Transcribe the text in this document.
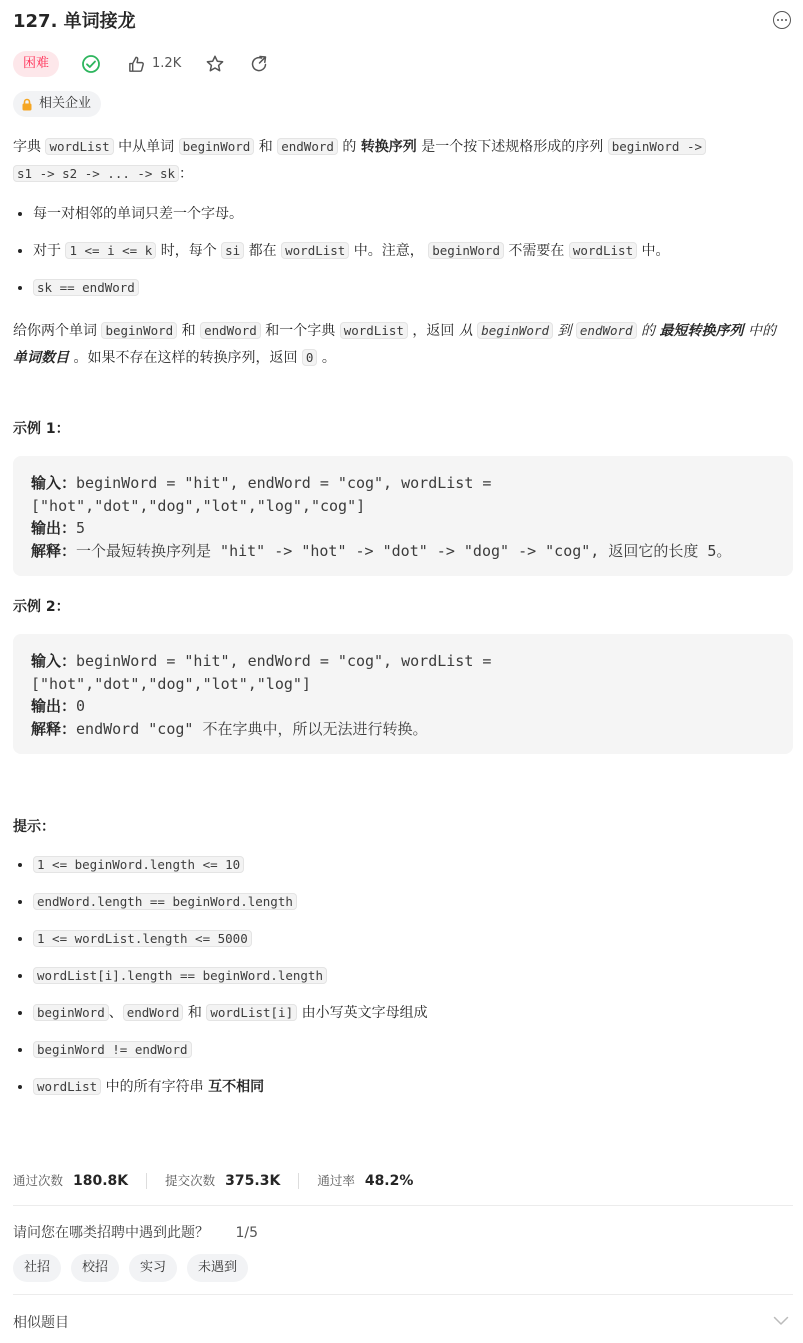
127. 单词接龙
困难	1.2K
相关企业

字典 wordList 中从单词 beginWord 和 endWord 的 转换序列 是一个按下述规格形成的序列 beginWord ->
s1 -> s2 -> ... -> sk ：

• 每一对相邻的单词只差一个字母。
• 对于 1 <= i <= k 时，每个 si 都在 wordList 中。注意， beginWord 不需要在 wordList 中。
• sk == endWord

给你两个单词 beginWord 和 endWord 和一个字典 wordList ，返回 从 beginWord 到 endWord 的 最短转换序列 中的 单词数目 。如果不存在这样的转换序列，返回 0 。

示例 1：

输入：beginWord = "hit", endWord = "cog", wordList =
["hot","dot","dog","lot","log","cog"]
输出：5
解释：一个最短转换序列是 "hit" -> "hot" -> "dot" -> "dog" -> "cog", 返回它的长度 5。

示例 2：

输入：beginWord = "hit", endWord = "cog", wordList =
["hot","dot","dog","lot","log"]
输出：0
解释：endWord "cog" 不在字典中，所以无法进行转换。

提示：

• 1 <= beginWord.length <= 10
• endWord.length == beginWord.length
• 1 <= wordList.length <= 5000
• wordList[i].length == beginWord.length
• beginWord 、 endWord 和 wordList[i] 由小写英文字母组成
• beginWord != endWord
• wordList 中的所有字符串 互不相同
通过次数 180.8K	提交次数 375.3K	通过率 48.2%
请问您在哪类招聘中遇到此题？ 1/5
社招	校招	实习	未遇到
相似题目
